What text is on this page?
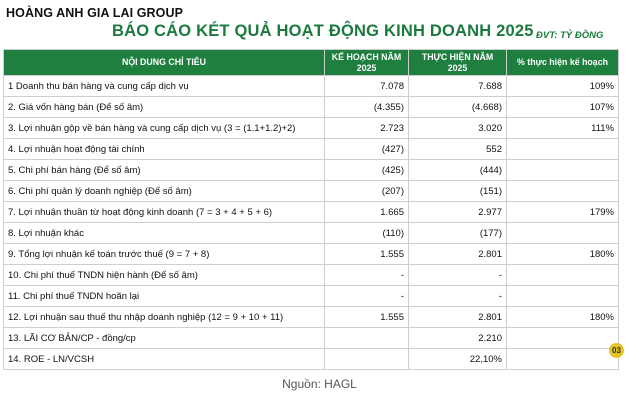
HOÀNG ANH GIA LAI GROUP
BÁO CÁO KÉT QUẢ HOẠT ĐỘNG KINH DOANH 2025 ĐVT: TỶ ĐỒNG
NỘI DUNG CHỈ TIÊU	KẾ HOẠCH NĂM 2025	THỰC HIỆN NĂM 2025	% thực hiện kế hoạch
1 Doanh thu bán hàng và cung cấp dịch vụ	7.078	7.688	109%
2. Giá vốn hàng bán (Để số âm)	(4.355)	(4.668)	107%
3. Lợi nhuận gộp về bán hàng và cung cấp dịch vụ (3 = (1.1+1.2)+2)	2.723	3.020	111%
4. Lợi nhuận hoạt động tài chính	(427)	552	
5. Chi phí bán hàng (Để số âm)	(425)	(444)	
6. Chi phí quản lý doanh nghiệp (Để số âm)	(207)	(151)	
7. Lợi nhuận thuần từ hoạt động kinh doanh (7 = 3 + 4 + 5 + 6)	1.665	2.977	179%
8. Lợi nhuận khác	(110)	(177)	
9. Tổng lợi nhuận kế toán trước thuế (9 = 7 + 8)	1.555	2.801	180%
10. Chi phí thuế TNDN hiện hành (Để số âm)	-	-	
11. Chi phí thuế TNDN hoãn lại	-	-	
12. Lợi nhuận sau thuế thu nhập doanh nghiệp (12 = 9 + 10 + 11)	1.555	2.801	180%
13. LÃI CƠ BẢN/CP - đồng/cp		2.210	
14. ROE - LN/VCSH		22,10%	
03
Nguồn: HAGL
